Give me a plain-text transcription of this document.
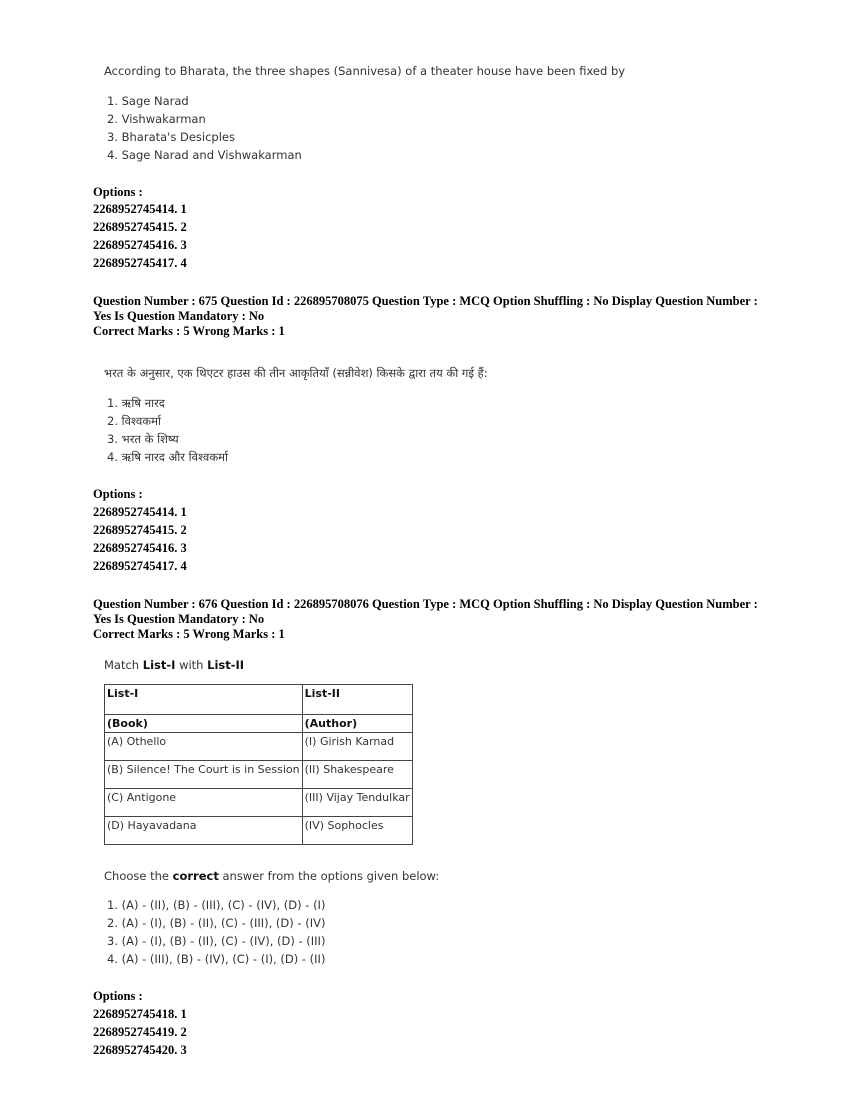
According to Bharata, the three shapes (Sannivesa) of a theater house have been fixed by
1. Sage Narad
2. Vishwakarman
3. Bharata's Desicples
4. Sage Narad and Vishwakarman
Options :
2268952745414. 1
2268952745415. 2
2268952745416. 3
2268952745417. 4
Question Number : 675 Question Id : 226895708075 Question Type : MCQ Option Shuffling : No Display Question Number : Yes Is Question Mandatory : No
Correct Marks : 5 Wrong Marks : 1
भरत के अनुसार, एक थिएटर हाउस की तीन आकृतियाँ (सन्नीवेश) किसके द्वारा तय की गई हैं:
1. ऋषि नारद
2. विश्वकर्मा
3. भरत के शिष्य
4. ऋषि नारद और विश्वकर्मा
Options :
2268952745414. 1
2268952745415. 2
2268952745416. 3
2268952745417. 4
Question Number : 676 Question Id : 226895708076 Question Type : MCQ Option Shuffling : No Display Question Number : Yes Is Question Mandatory : No
Correct Marks : 5 Wrong Marks : 1
Match List-I with List-II
List-I	List-II
(Book)	(Author)
(A) Othello	(I) Girish Karnad
(B) Silence! The Court is in Session	(II) Shakespeare
(C) Antigone	(III) Vijay Tendulkar
(D) Hayavadana	(IV) Sophocles
Choose the correct answer from the options given below:
1. (A) - (II), (B) - (III), (C) - (IV), (D) - (I)
2. (A) - (I), (B) - (II), (C) - (III), (D) - (IV)
3. (A) - (I), (B) - (II), (C) - (IV), (D) - (III)
4. (A) - (III), (B) - (IV), (C) - (I), (D) - (II)
Options :
2268952745418. 1
2268952745419. 2
2268952745420. 3
